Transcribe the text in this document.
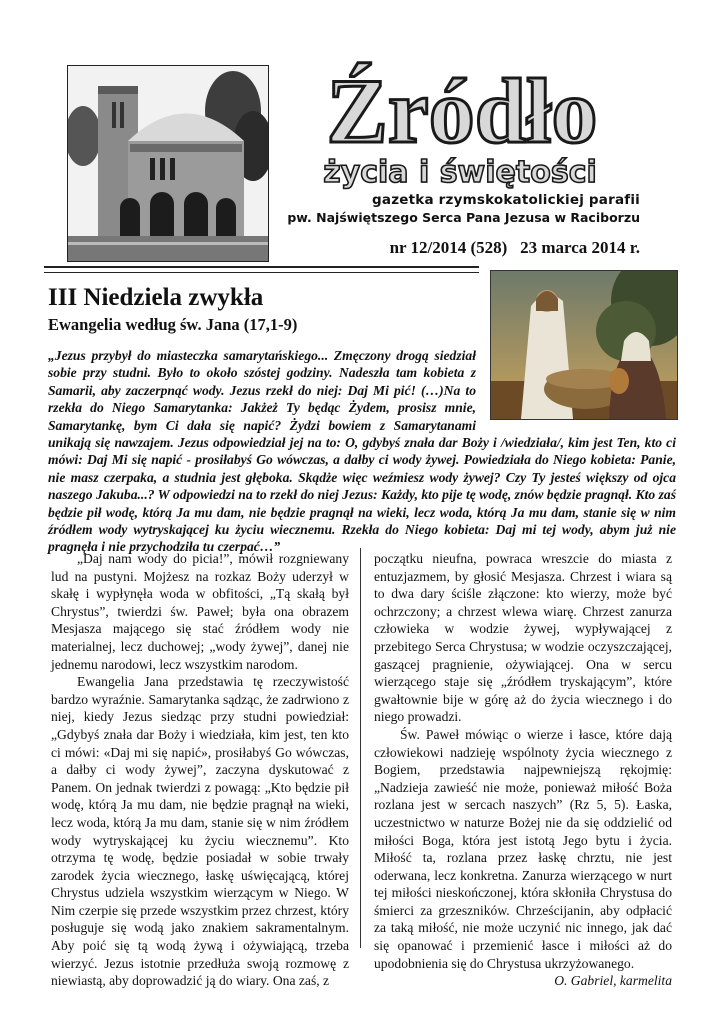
Źródło
życia i świętości
gazetka rzymskokatolickiej parafii
pw. Najświętszego Serca Pana Jezusa w Raciborzu
nr 12/2014 (528) 23 marca 2014 r.
III Niedziela zwykła
Ewangelia według św. Jana (17,1-9)

„Jezus przybył do miasteczka samarytańskiego... Zmęczony drogą siedział sobie przy studni. Było to około szóstej godziny. Nadeszła tam kobieta z Samarii, aby zaczerpnąć wody. Jezus rzekł do niej: Daj Mi pić! (…)Na to rzekła do Niego Samarytanka: Jakżeż Ty będąc Żydem, prosisz mnie, Samarytankę, bym Ci dała się napić? Żydzi bowiem z Samarytanami unikają się nawzajem. Jezus odpowiedział jej na to: O, gdybyś znała dar Boży i /wiedziała/, kim jest Ten, kto ci mówi: Daj Mi się napić - prosiłabyś Go wówczas, a dałby ci wody żywej. Powiedziała do Niego kobieta: Panie, nie masz czerpaka, a studnia jest głęboka. Skądże więc weźmiesz wody żywej? Czy Ty jesteś większy od ojca naszego Jakuba...? W odpowiedzi na to rzekł do niej Jezus: Każdy, kto pije tę wodę, znów będzie pragnął. Kto zaś będzie pił wodę, którą Ja mu dam, nie będzie pragnął na wieki, lecz woda, którą Ja mu dam, stanie się w nim źródłem wody wytryskającej ku życiu wiecznemu. Rzekła do Niego kobieta: Daj mi tej wody, abym już nie pragnęła i nie przychodziła tu czerpać…”

„Daj nam wody do picia!”, mówił rozgniewany lud na pustyni. Mojżesz na rozkaz Boży uderzył w skałę i wypłynęła woda w obfitości, „Tą skałą był Chrystus”, twierdzi św. Paweł; była ona obrazem Mesjasza mającego się stać źródłem wody nie materialnej, lecz duchowej; „wody żywej”, danej nie jednemu narodowi, lecz wszystkim narodom.

Ewangelia Jana przedstawia tę rzeczywistość bardzo wyraźnie. Samarytanka sądząc, że zadrwiono z niej, kiedy Jezus siedząc przy studni powiedział: „Gdybyś znała dar Boży i wiedziała, kim jest, ten kto ci mówi: «Daj mi się napić», prosiłabyś Go wówczas, a dałby ci wody żywej”, zaczyna dyskutować z Panem. On jednak twierdzi z powagą: „Kto będzie pił wodę, którą Ja mu dam, nie będzie pragnął na wieki, lecz woda, którą Ja mu dam, stanie się w nim źródłem wody wytryskającej ku życiu wiecznemu”. Kto otrzyma tę wodę, będzie posiadał w sobie trwały zarodek życia wiecznego, łaskę uświęcającą, której Chrystus udziela wszystkim wierzącym w Niego. W Nim czerpie się przede wszystkim przez chrzest, który posługuje się wodą jako znakiem sakramentalnym. Aby poić się tą wodą żywą i ożywiającą, trzeba wierzyć. Jezus istotnie przedłuża swoją rozmowę z niewiastą, aby doprowadzić ją do wiary. Ona zaś, z

początku nieufna, powraca wreszcie do miasta z entuzjazmem, by głosić Mesjasza. Chrzest i wiara są to dwa dary ściśle złączone: kto wierzy, może być ochrzczony; a chrzest wlewa wiarę. Chrzest zanurza człowieka w wodzie żywej, wypływającej z przebitego Serca Chrystusa; w wodzie oczyszczającej, gaszącej pragnienie, ożywiającej. Ona w sercu wierzącego staje się „źródłem tryskającym”, które gwałtownie bije w górę aż do życia wiecznego i do niego prowadzi.

Św. Paweł mówiąc o wierze i łasce, które dają człowiekowi nadzieję wspólnoty życia wiecznego z Bogiem, przedstawia najpewniejszą rękojmię: „Nadzieja zawieść nie może, ponieważ miłość Boża rozlana jest w sercach naszych” (Rz 5, 5). Łaska, uczestnictwo w naturze Bożej nie da się oddzielić od miłości Boga, która jest istotą Jego bytu i życia. Miłość ta, rozlana przez łaskę chrztu, nie jest oderwana, lecz konkretna. Zanurza wierzącego w nurt tej miłości nieskończonej, która skłoniła Chrystusa do śmierci za grzeszników. Chrześcijanin, aby odpłacić za taką miłość, nie może uczynić nic innego, jak dać się opanować i przemienić łasce i miłości aż do upodobnienia się do Chrystusa ukrzyżowanego.

O. Gabriel, karmelita
